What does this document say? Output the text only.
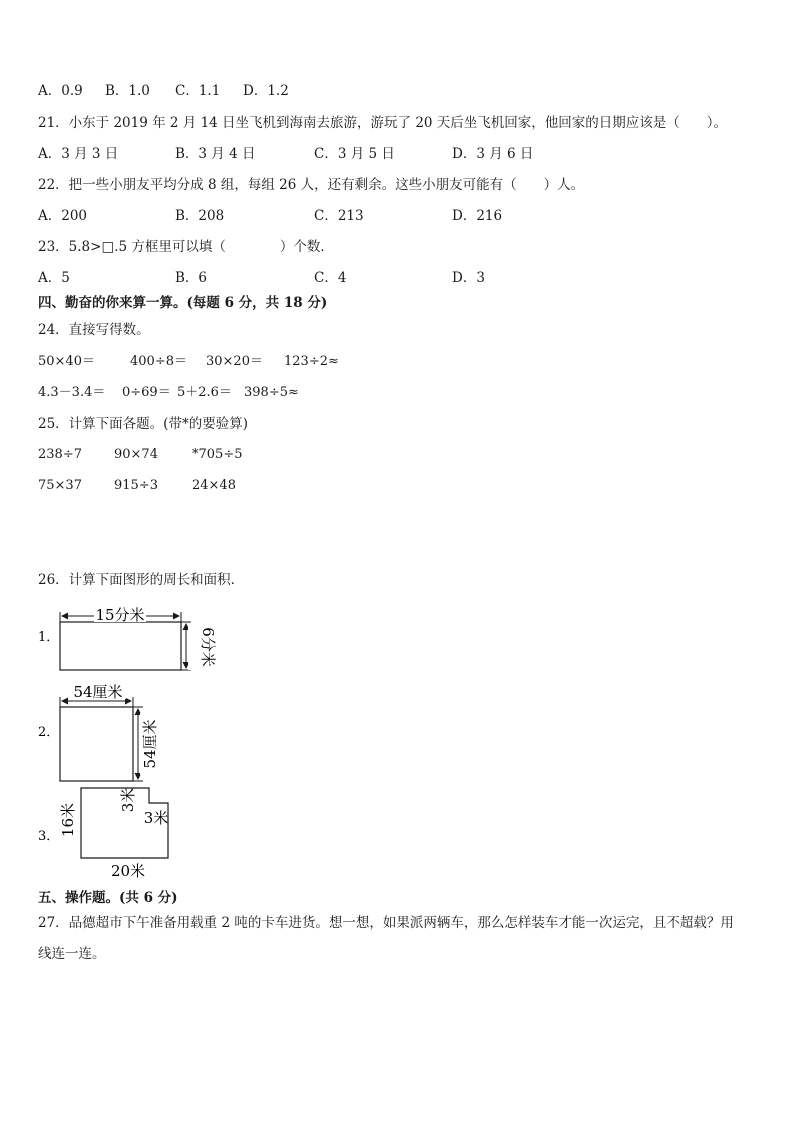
A．0.9 B．1.0 C．1.1 D．1.2
21．小东于 2019 年 2 月 14 日坐飞机到海南去旅游，游玩了 20 天后坐飞机回家，他回家的日期应该是（　　）。
A．3 月 3 日	B．3 月 4 日	C．3 月 5 日	D．3 月 6 日
22．把一些小朋友平均分成 8 组，每组 26 人，还有剩余。这些小朋友可能有（　　）人。
A．200	B．208	C．213	D．216
23．5.8>□.5 方框里可以填（　　　　）个数．
A．5	B．6	C．4	D．3
四、勤奋的你来算一算。(每题 6 分，共 18 分)
24．直接写得数。
50×40＝	400÷8＝ 30×20＝ 123÷2≈
4.3－3.4＝ 0÷69＝ 5＋2.6＝ 398÷5≈
25．计算下面各题。(带*的要验算)
238÷7 90×74	*705÷5
75×37 915÷3	24×48
26．计算下面图形的周长和面积．
1．
15分米
6分米
2．
54厘米
54厘米
3． 16米
3米
3米
20米
五、操作题。(共 6 分)
27．品德超市下午准备用载重 2 吨的卡车进货。想一想，如果派两辆车，那么怎样装车才能一次运完，且不超载？用
线连一连。
